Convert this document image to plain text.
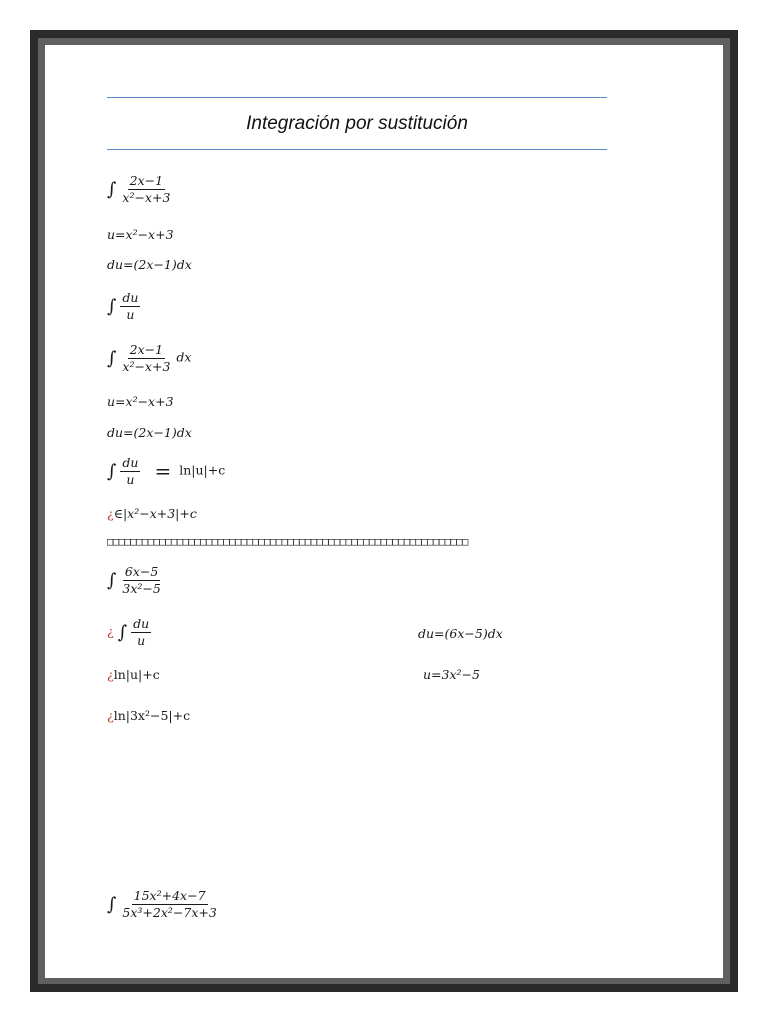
Integración por sustitución
∫ $\frac{2x-1}{\text{x²−x+3}}$
u=x²−x+3
du=(2x−1)dx
∫ $\frac{du}{u}$
∫ $\frac{2x-1}{\text{x²−x+3}}$ dx
u=x²−x+3
du=(2x−1)dx
∫ $\frac{du}{u} = \ln|u|+c$
¿∈|x²−x+3|+c
□□□□□□□□□□□□□□□□□□□□□□□□□□□□□□□□□□□□□□□□□□□□□□□□□□□□□□□□□□□□□□
∫ $\frac{6x-5}{\text{3x²−5}}$
¿ ∫ $\frac{du}{u}$	du=(6x−5)dx
¿ln|u|+c	u=3x²−5
¿ln|3x²−5|+c
∫ $\frac{\text{15x²+4x−7}}{\text{5x³+2x²−7x+3}}$
